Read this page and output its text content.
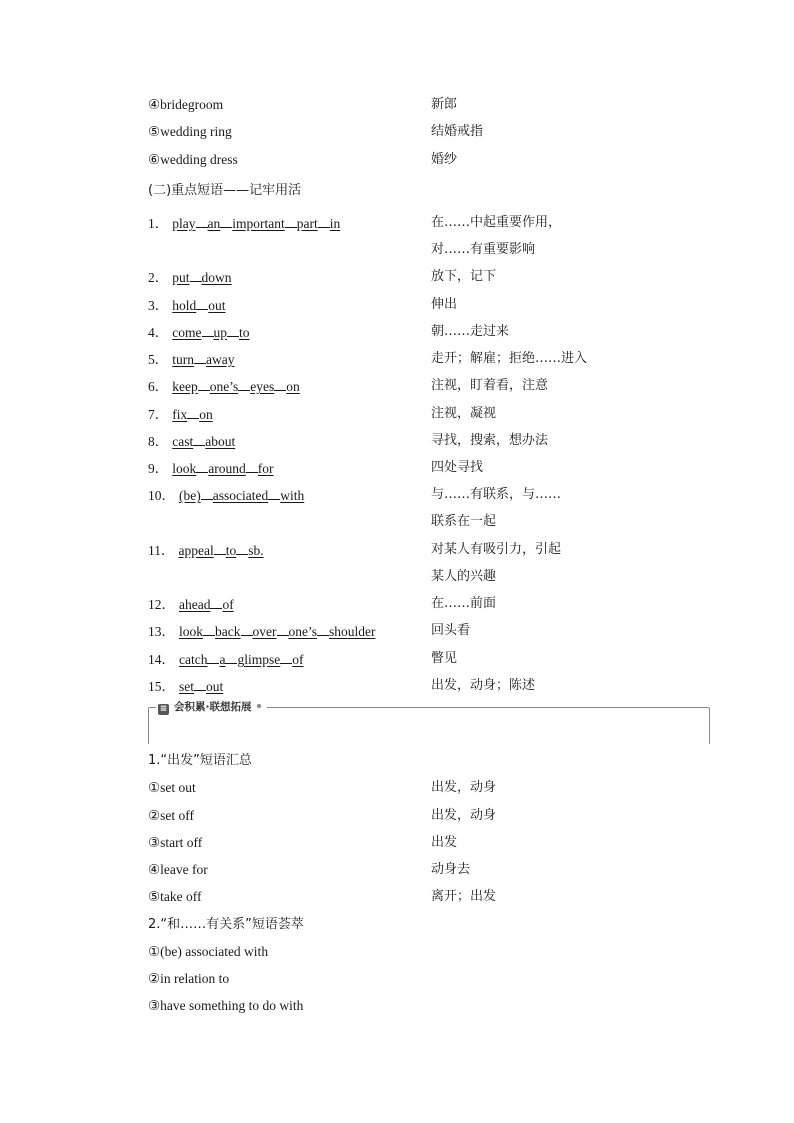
④bridegroom	新郎
⑤wedding ring	结婚戒指
⑥wedding dress	婚纱
(二)重点短语——记牢用活
1． play an important part in	在……中起重要作用，
对……有重要影响
2． put down	放下，记下
3． hold out	伸出
4． come up to	朝……走过来
5． turn away	走开；解雇；拒绝……进入
6． keep one’s eyes on	注视，盯着看，注意
7． fix on	注视，凝视
8． cast about	寻找，搜索，想办法
9． look around for	四处寻找
10． (be) associated with	与……有联系，与……
联系在一起
11． appeal to sb.	对某人有吸引力，引起
某人的兴趣
12． ahead of	在……前面
13． look back over one’s shoulder	回头看
14． catch a glimpse of	瞥见
15． set out	出发，动身；陈述
≡ 会积累·联想拓展
1.“出发”短语汇总
①set out	出发，动身
②set off	出发，动身
③start off	出发
④leave for	动身去
⑤take off	离开；出发
2.“和……有关系”短语荟萃
①(be) associated with
②in relation to
③have something to do with
